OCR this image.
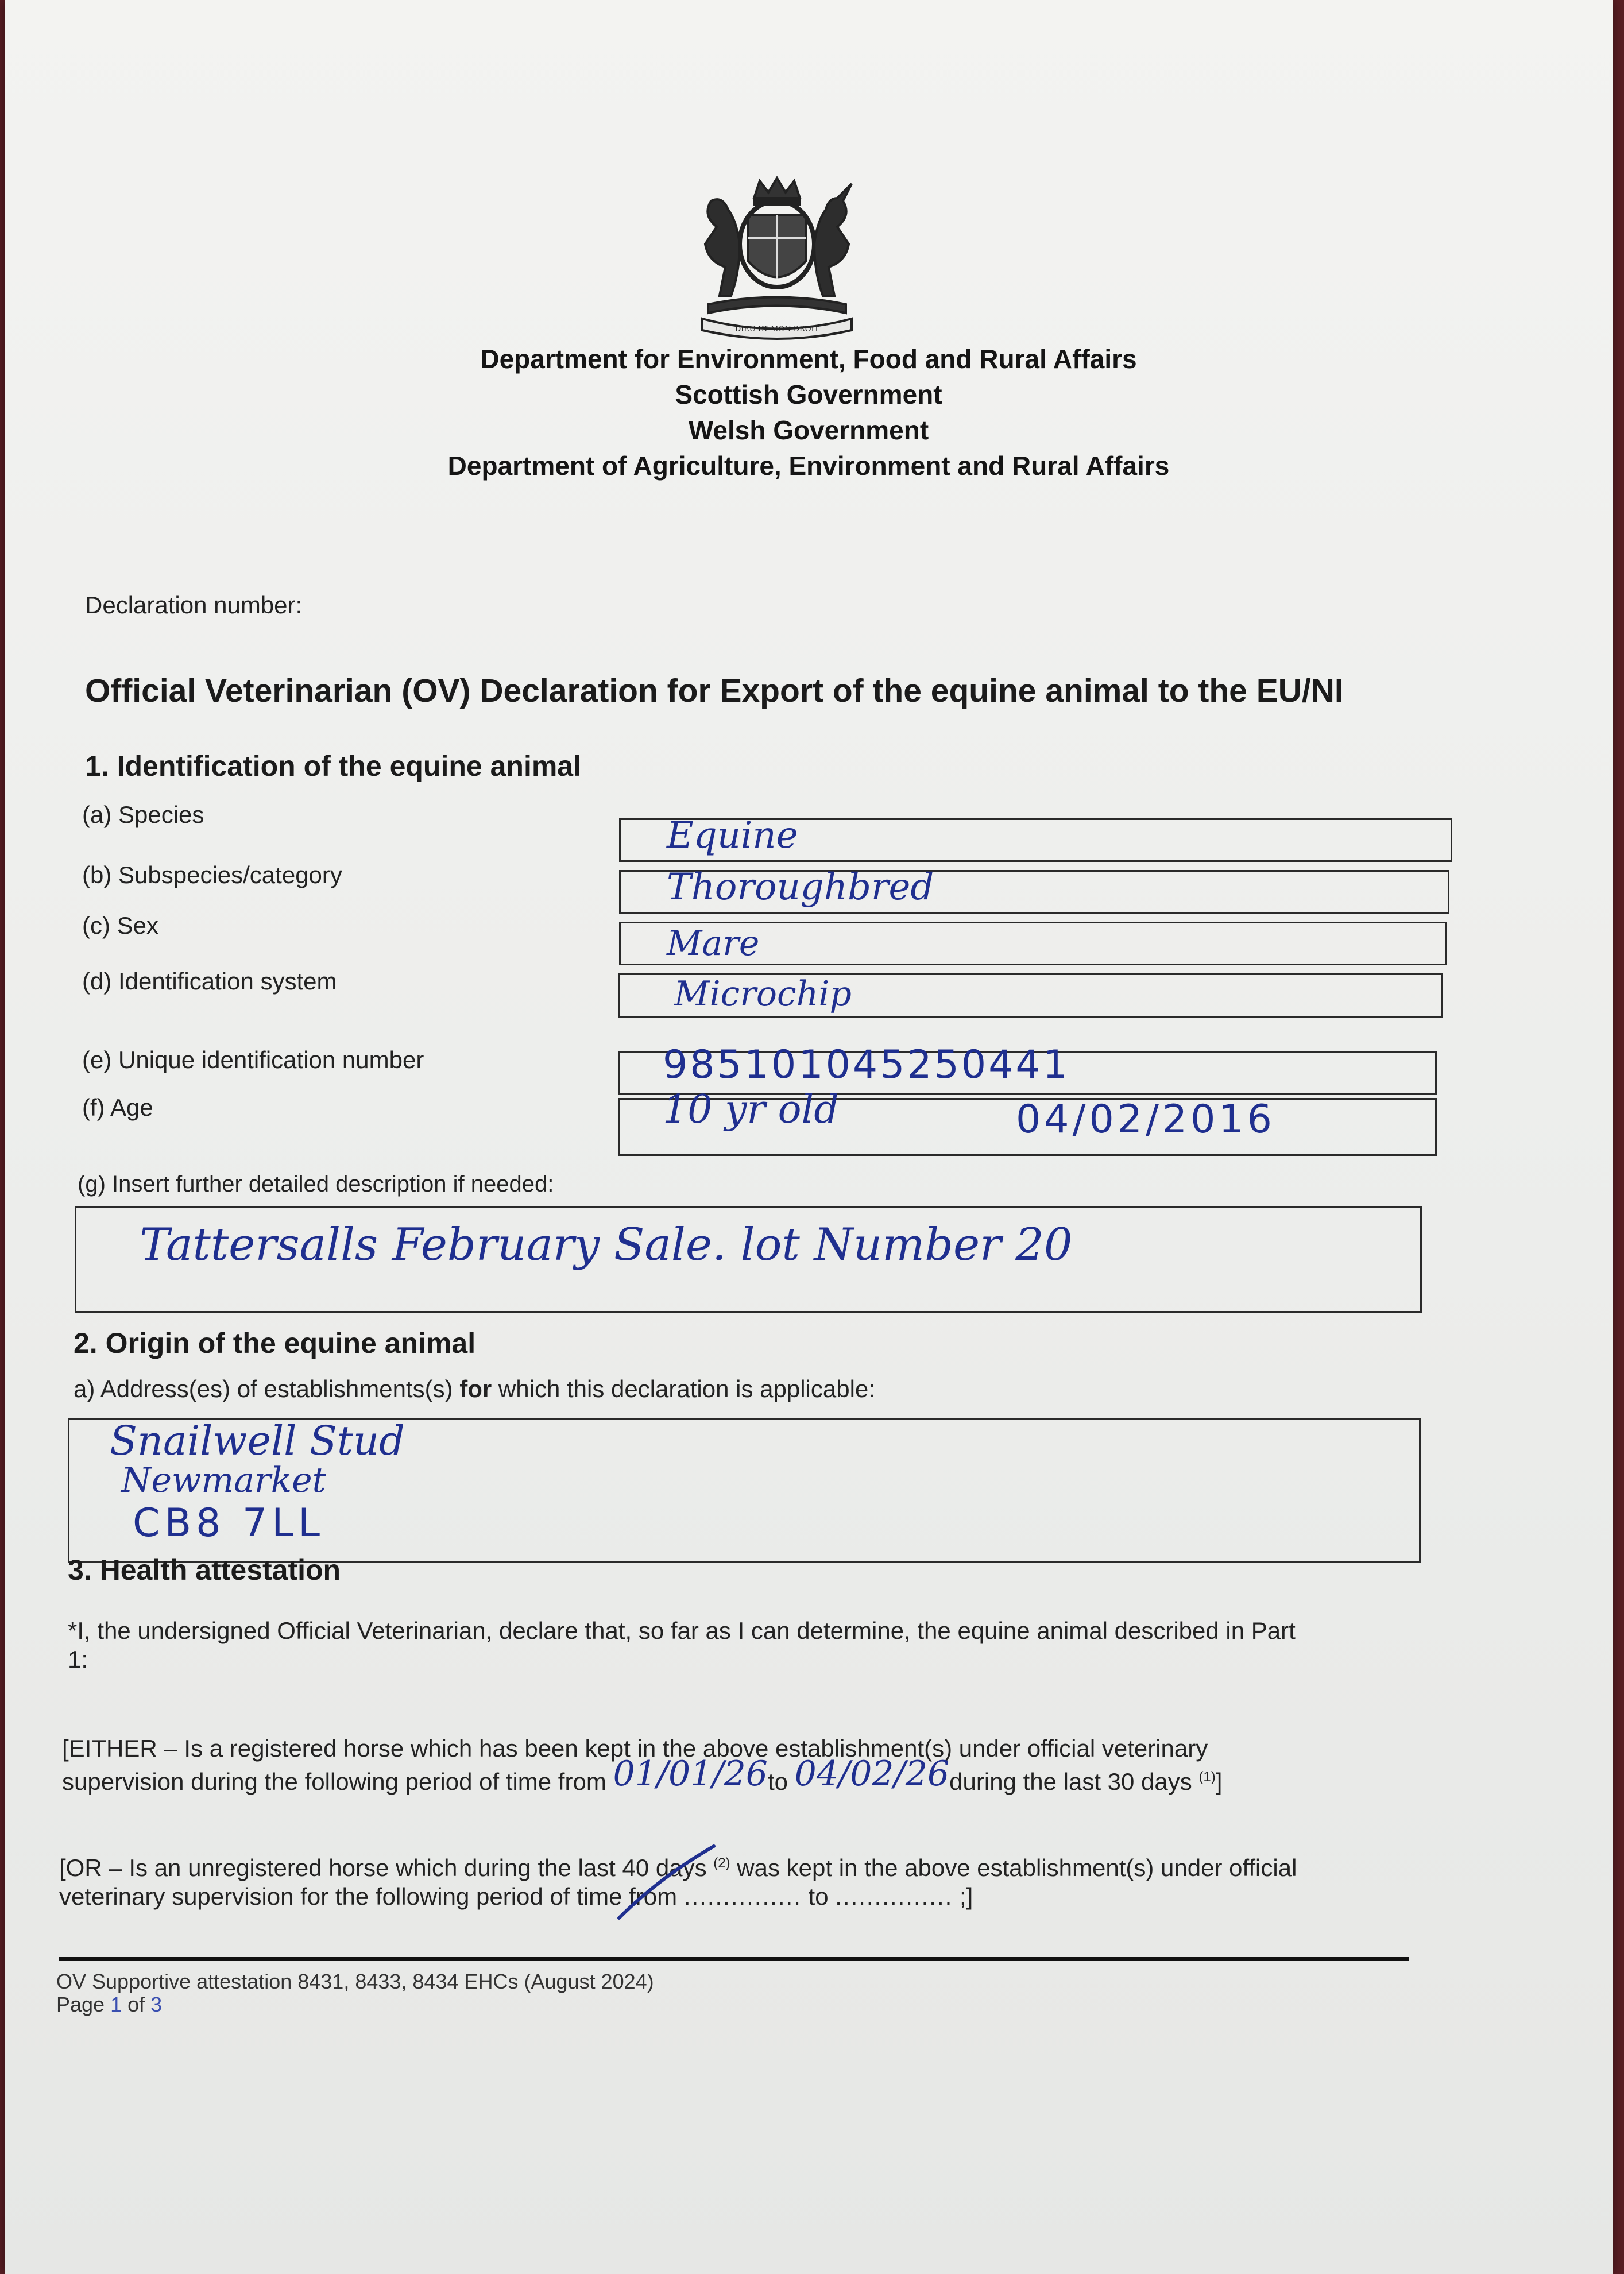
DIEU ET MON DROIT
Department for Environment, Food and Rural Affairs
Scottish Government
Welsh Government
Department of Agriculture, Environment and Rural Affairs
Declaration number:
Official Veterinarian (OV) Declaration for Export of the equine animal to the EU/NI
1. Identification of the equine animal
(a) Species	Equine
(b) Subspecies/category	Thoroughbred
(c) Sex	Mare
(d) Identification system	Microchip
(e) Unique identification number	985101045250441
(f) Age	10 yr old	04/02/2016
(g) Insert further detailed description if needed:
Tattersalls February Sale. lot Number 20
2. Origin of the equine animal
a) Address(es) of establishments(s) for which this declaration is applicable:
Snailwell Stud
Newmarket
CB8 7LL
3. Health attestation
*I, the undersigned Official Veterinarian, declare that, so far as I can determine, the equine animal described in Part
1:
[EITHER – Is a registered horse which has been kept in the above establishment(s) under official veterinary
supervision during the following period of time from 01/01/26to 04/02/26during the last 30 days $^{(1)}$]
[OR – Is an unregistered horse which during the last 40 days $^{(2)}$ was kept in the above establishment(s) under official
veterinary supervision for the following period of time from ............... to ............... ;]
OV Supportive attestation 8431, 8433, 8434 EHCs (August 2024)
Page 1 of 3
